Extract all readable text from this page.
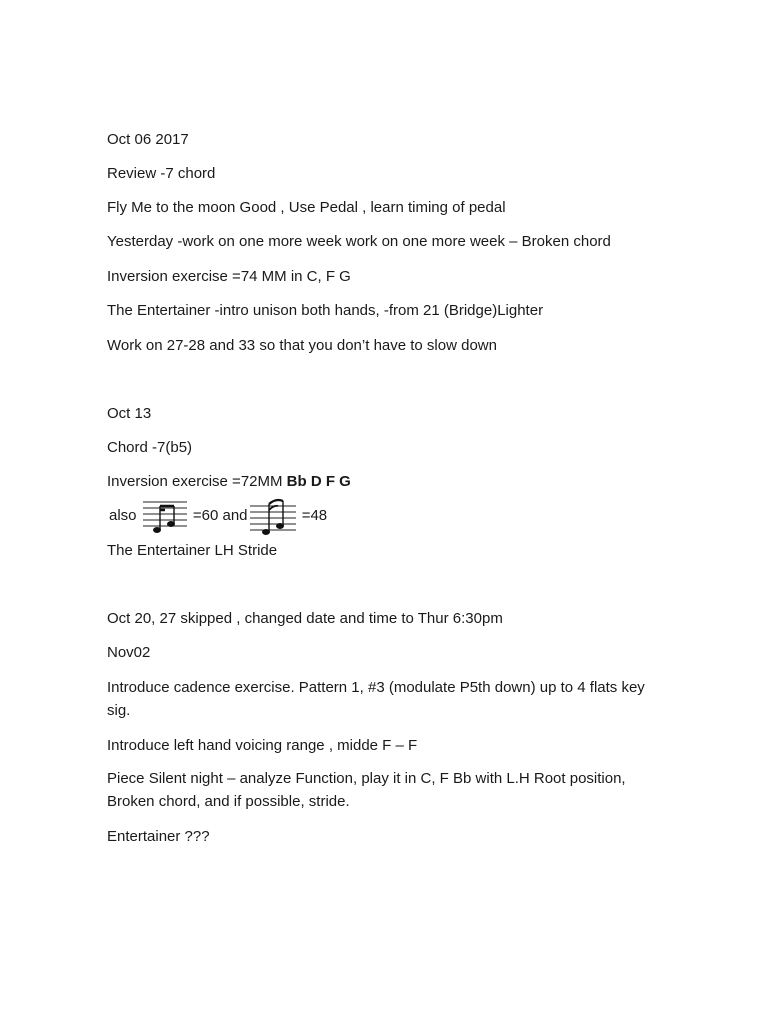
Oct 06 2017
Review -7 chord
Fly Me to the moon Good , Use Pedal , learn timing of pedal
Yesterday -work on one more week work on one more week – Broken chord
Inversion exercise =74 MM in C, F G
The Entertainer -intro unison both hands, -from 21 (Bridge)Lighter
Work on 27-28 and 33 so that you don’t have to slow down
Oct 13
Chord -7(b5)
Inversion exercise =72MM Bb D F G
also	=60 and	=48
The Entertainer LH Stride
Oct 20, 27 skipped , changed date and time to Thur 6:30pm
Nov02
Introduce cadence exercise. Pattern 1, #3 (modulate P5th down) up to 4 flats key sig.
Introduce left hand voicing range , midde F – F
Piece Silent night – analyze Function, play it in C, F Bb with L.H Root position, Broken chord, and if possible, stride.
Entertainer ???
